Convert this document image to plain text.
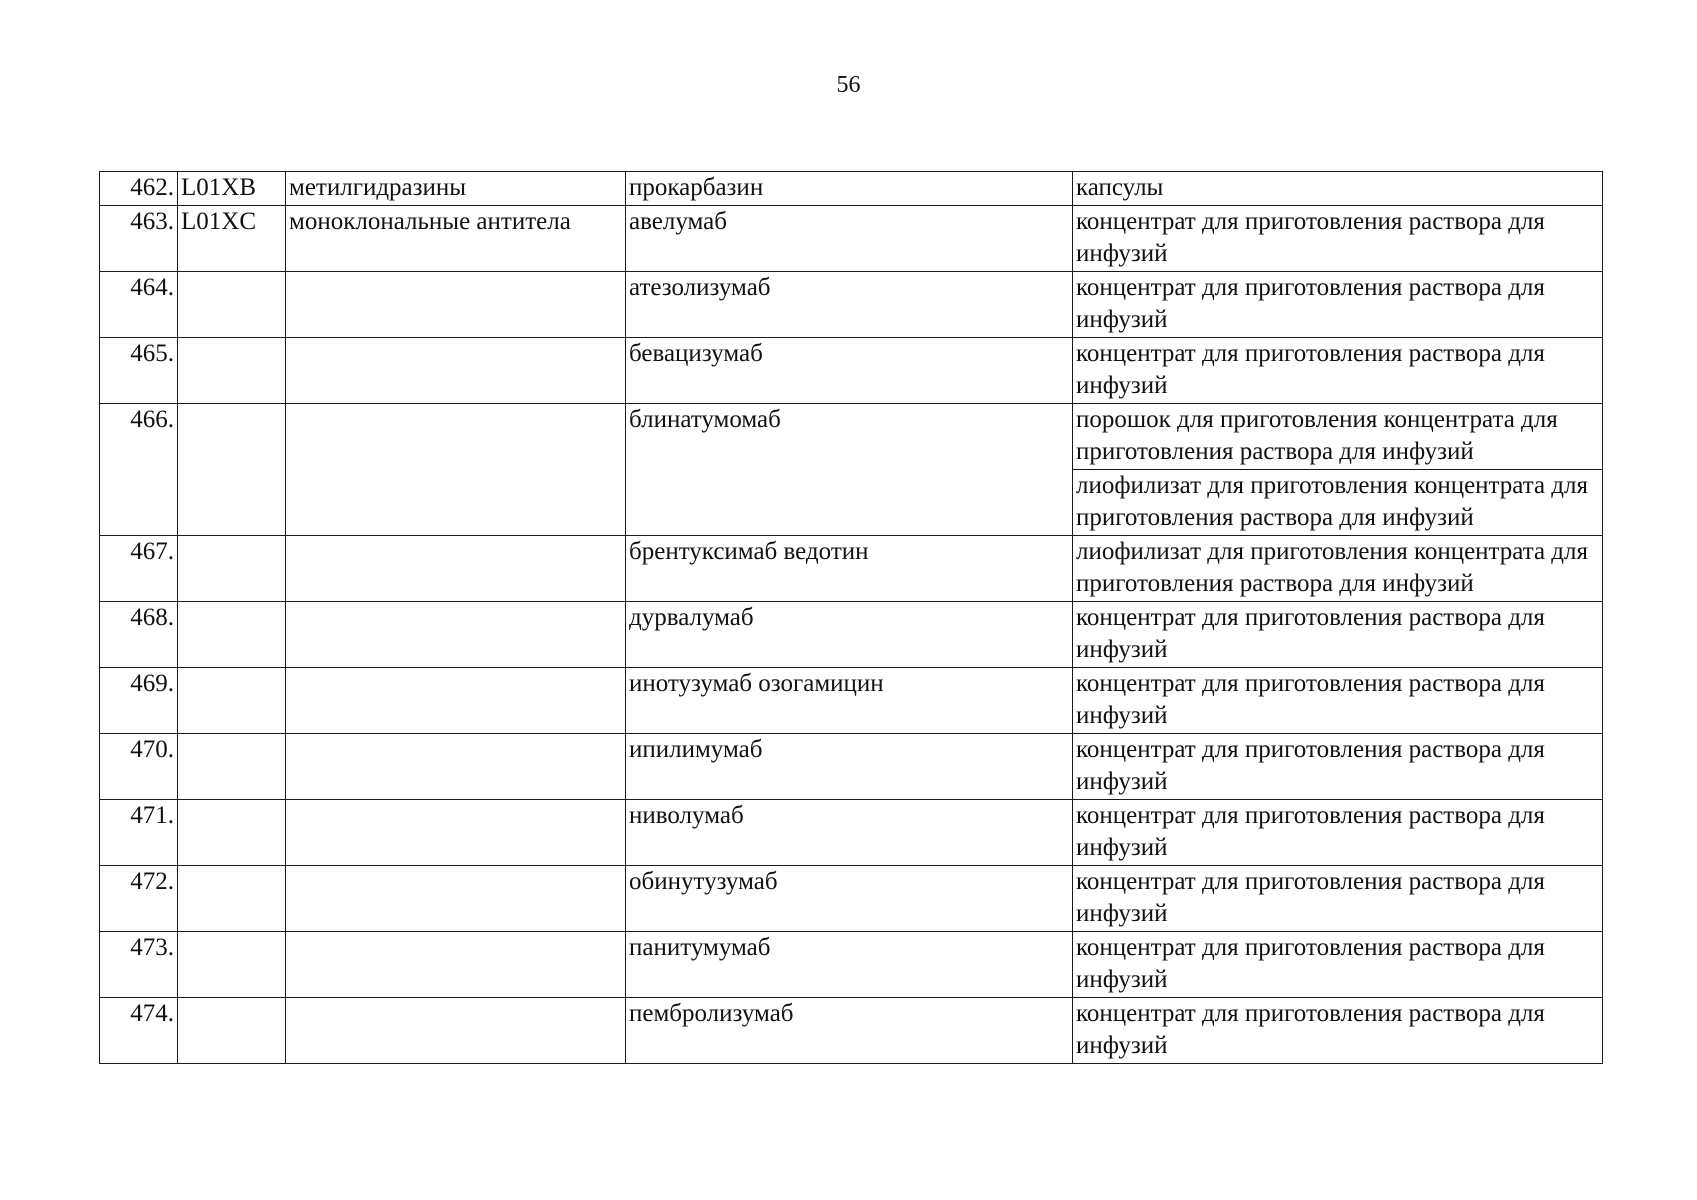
56
462.	L01XB	метилгидразины	прокарбазин	капсулы

463.	L01XC	моноклональные антитела	авелумаб	концентрат для приготовления раствора для инфузий

464.			атезолизумаб	концентрат для приготовления раствора для инфузий

465.			бевацизумаб	концентрат для приготовления раствора для инфузий

466.			блинатумомаб	порошок для приготовления концентрата для приготовления раствора для инфузий
лиофилизат для приготовления концентрата для приготовления раствора для инфузий

467.			брентуксимаб ведотин	лиофилизат для приготовления концентрата для приготовления раствора для инфузий

468.			дурвалумаб	концентрат для приготовления раствора для инфузий

469.			инотузумаб озогамицин	концентрат для приготовления раствора для инфузий

470.			ипилимумаб	концентрат для приготовления раствора для инфузий

471.			ниволумаб	концентрат для приготовления раствора для инфузий

472.			обинутузумаб	концентрат для приготовления раствора для инфузий

473.			панитумумаб	концентрат для приготовления раствора для инфузий

474.			пембролизумаб	концентрат для приготовления раствора для инфузий
